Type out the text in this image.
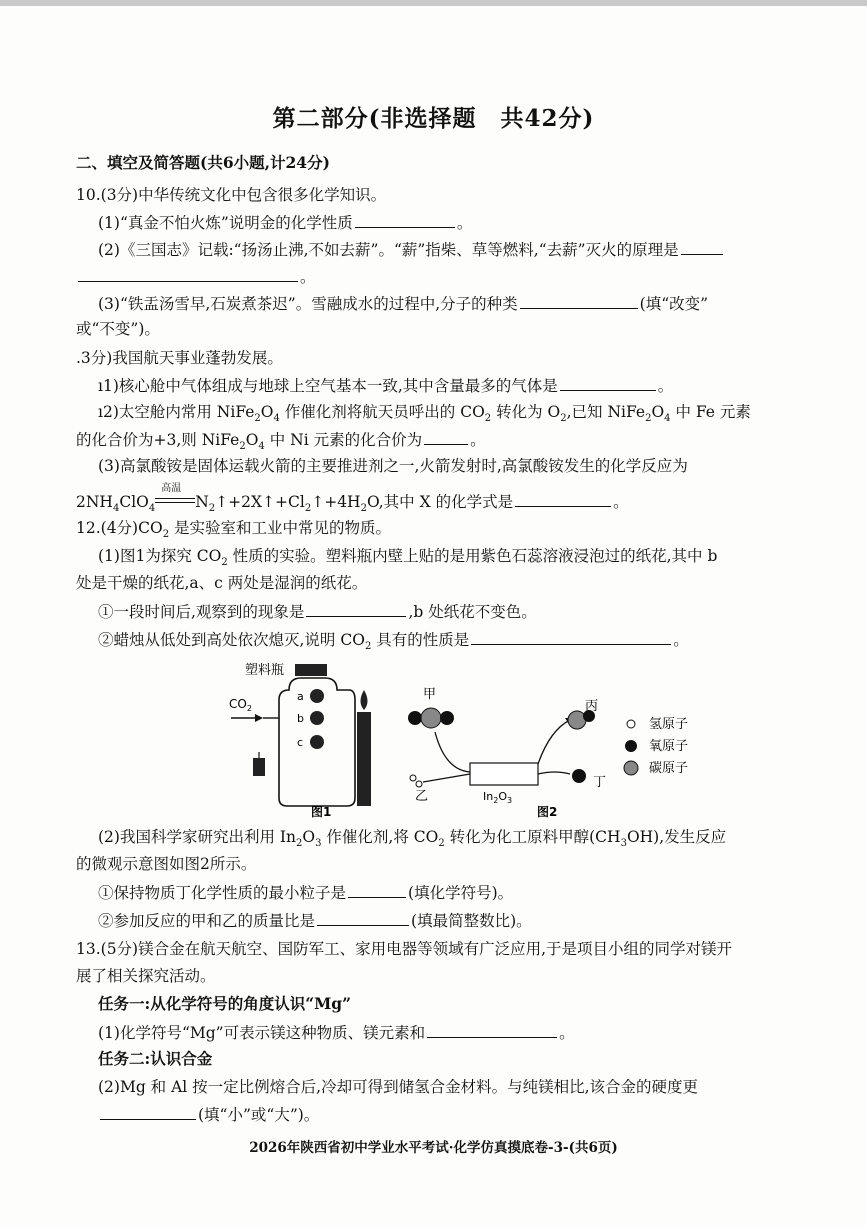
第二部分(非选择题　共42分)
二、填空及简答题(共6小题,计24分)
10.(3分)中华传统文化中包含很多化学知识。
(1)“真金不怕火炼”说明金的化学性质	。
(2)《三国志》记载:“扬汤止沸,不如去薪”。“薪”指柴、草等燃料,“去薪”灭火的原理是
。
(3)“铁盂汤雪早,石炭煮茶迟”。雪融成水的过程中,分子的种类	(填“改变”
或“不变”)。
.3分)我国航天事业蓬勃发展。
ı1)核心舱中气体组成与地球上空气基本一致,其中含量最多的气体是	。
ı2)太空舱内常用 $NiFe_2O_4$ 作催化剂将航天员呼出的 $CO_2$ 转化为 $O_2$,已知 $NiFe_2O_4$ 中 Fe 元素
的化合价为+3,则 $NiFe_2O_4$ 中 Ni 元素的化合价为	。
(3)高氯酸铵是固体运载火箭的主要推进剂之一,火箭发射时,高氯酸铵发生的化学反应为
$2NH_4ClO_4$
高温
$N_2↑+2X↑+Cl_2↑+4H_2O$,其中 X 的化学式是	。
12.(4分)$CO_2$ 是实验室和工业中常见的物质。
(1)图1为探究 $CO_2$ 性质的实验。塑料瓶内壁上贴的是用紫色石蕊溶液浸泡过的纸花,其中 b
处是干燥的纸花,a、c 两处是湿润的纸花。
①一段时间后,观察到的现象是	,b 处纸花不变色。
②蜡烛从低处到高处依次熄灭,说明 $CO_2$ 具有的性质是	。
塑料瓶
$CO_2$
a
b
c
图1
甲
乙	$In_2O_3$
丙
丁
图2
氢原子
氧原子
碳原子
(2)我国科学家研究出利用 $In_2O_3$ 作催化剂,将 $CO_2$ 转化为化工原料甲醇$(CH_3OH)$,发生反应
的微观示意图如图2所示。
①保持物质丁化学性质的最小粒子是	(填化学符号)。
②参加反应的甲和乙的质量比是	(填最简整数比)。
13.(5分)镁合金在航天航空、国防军工、家用电器等领域有广泛应用,于是项目小组的同学对镁开
展了相关探究活动。
任务一:从化学符号的角度认识“Mg”
(1)化学符号“Mg”可表示镁这种物质、镁元素和	。
任务二:认识合金
(2)Mg 和 Al 按一定比例熔合后,冷却可得到储氢合金材料。与纯镁相比,该合金的硬度更
(填“小”或“大”)。
2026年陕西省初中学业水平考试·化学仿真摸底卷-3-(共6页)
